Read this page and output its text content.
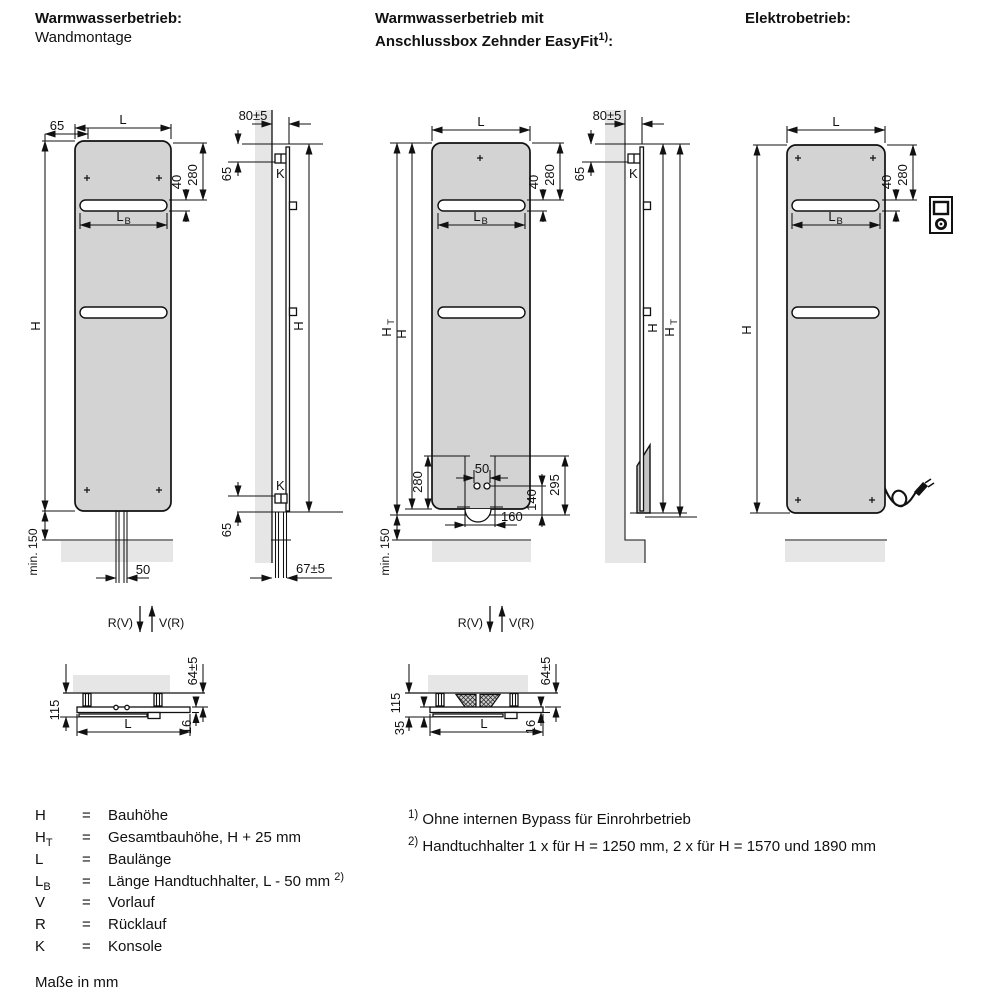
Warmwasserbetrieb:
Wandmontage
Warmwasserbetrieb mit
Anschlussbox Zehnder EasyFit$^{1)}$:
Elektrobetrieb:
L
65
H
min. 150
280
40
L B
50
80±5
65	K
H
K
65
67±5
R(V) V(R)
L
H
T
H
min. 150
280
40
L B
280	295
140
50
160
80±5
65	K
H H
T
R(V) V(R)
L
H
280
40
L B
64±5
115
16
L
64±5
115
35	16
L
H	=	Bauhöhe
$H_T$	=	Gesamtbauhöhe, H + 25 mm
L	=	Baulänge
$L_B$	=	Länge Handtuchhalter, L - 50 mm $^{2)}$
V	=	Vorlauf
R	=	Rücklauf
K	=	Konsole
$^{1)}$ Ohne internen Bypass für Einrohrbetrieb
$^{2)}$ Handtuchhalter 1 x für H = 1250 mm, 2 x für H = 1570 und 1890 mm
Maße in mm
